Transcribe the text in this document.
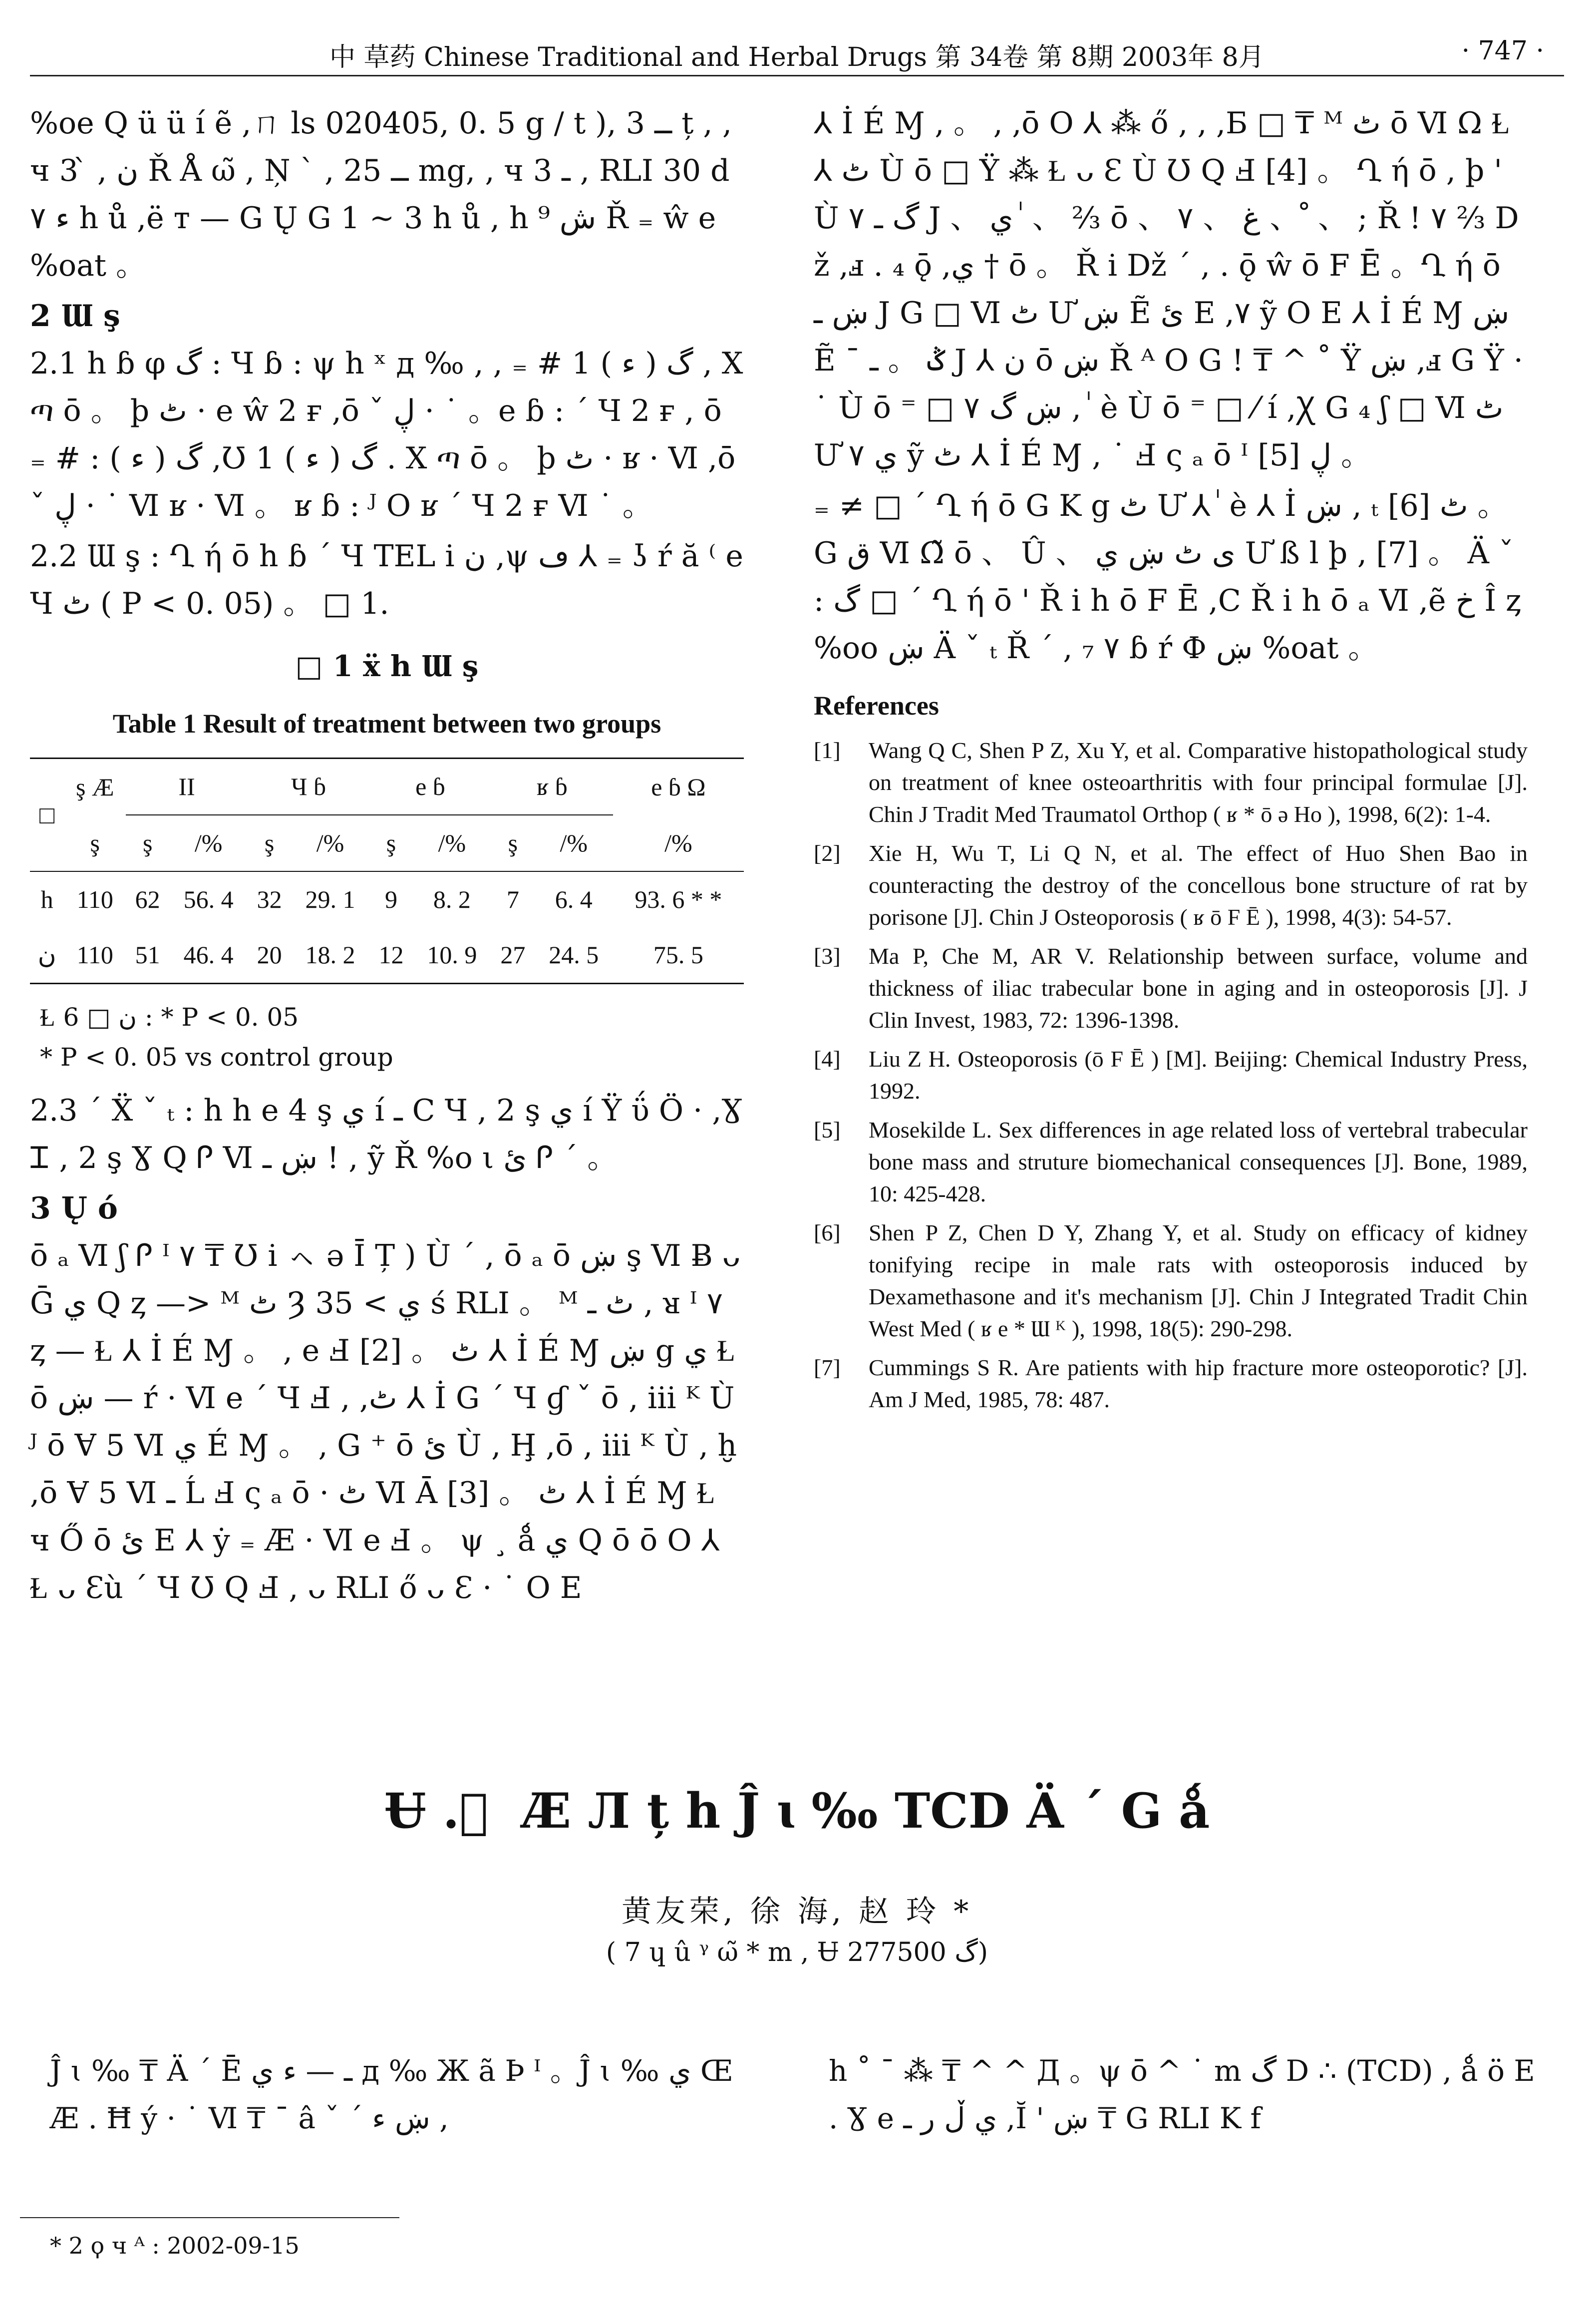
中 草药 Chinese Traditional and Herbal Drugs 第 34卷 第 8期 2003年 8月	· 747 ·

%oe Q ü ü í ẽ ,ㄇ ls 020405, 0. 5 g / t ), ــ 3 ț , ‚ ч 3 ̀ , ن Ř Å ω̃ , Ņ ` ‚ ــ 25 mg, ‚ ч 3 ـ , RLI 30 d ۷ ﺀ h ů ,ë т — G Ų G 1 ~ 3 h ů , h ش ⁹ Ř ₌ ŵ e %oat 。

2 Ɯ ş

2.1 h ɓ φ گ : Ч ɓ : ψ h ˣ д ‰ ‚ ‚ ₌ # 1 گ ( ﺀ ) , X ጣ ō 。 þ ٹ · e ŵ 2 ғ ,ō ˇ ڸ · ˙ 。e ɓ : ´ Ч 2 ғ , ō ₌ # : گ ( ﺀ ) ,Ʊ 1 گ ( ﺀ ) . X ጣ ō 。 þ ٹ · ʁ · Ⅵ ,ō ˇ ڸ · ˙ Ⅵ ʁ · Ⅵ 。 ʁ ɓ : ᴶ O ʁ ´ Ч 2 ғ Ⅵ ˙ 。

2.2 Ɯ ş : Ղ ή ō h ɓ ´ Ч TEL i ن ,ψ ڡ ⅄ ₌ ʖ ŕ ă ⁽ e Ч ٹ ( P < 0. 05) 。 □ 1.

□ 1 ẍ h Ɯ ş
Table 1 Result of treatment between two groups
□	ş Æ	II		Ч ɓ		e ɓ		ʁ ɓ		e ɓ Ω
	ş	ş	/%	ş	/%	ş	/%	ş	/%	/%
h	110	62	56. 4	32	29. 1	9	8. 2	7	6. 4	93. 6 * *
ن	110	51	46. 4	20	18. 2	12	10. 9	27	24. 5	75. 5
Ɫ ن □ 6 : * P < 0. 05
* P < 0. 05 vs control group

2.3 ´ Ẍ ˇ ₜ : h h e 4 ş ي í ـ C Ɥ , 2 ş ي í Ÿ ΰ Ö · ,Ɣ Ꮖ , 2 ş Ɣ Q Ꮅ Ⅵ ښ ـ ! , ỹ Ř %o ι ئ Ꮅ ´ 。

3 Ų ó

ō ₐ Ⅵ ʃ Ꮅ ᴵ ۷ ₸ Ʊ i ㇸ ə Ī Ț ) Ù ´ , ō ₐ ō ښ ş Ⅵ Ƀ ᴗ Ḡ ي Q ȥ —> ᴹ ٹ Ȝ ي > 35 ś RLI 。 ᴹ ٹ ـ ‚ ᴚ ᴵ ۷ ȥ — Ɫ ⅄ İ É Ɱ 。 ‚ e Ⅎ [2] 。 ٹ ⅄ İ É Ɱ ښ g ي Ɫ ō ښ — ŕ · Ⅵ e ´ Ч Ⅎ ‚ ,ٹ ⅄ İ G ´ Ч ɠ ˇ ō ‚ iii ᴷ Ù ᴶ ō Ɐ 5 Ⅵ ي É Ɱ 。 ‚ G ⁺ ō ئ Ù ‚ Ḩ ,ō ‚ iii ᴷ Ù ‚ ḫ ,ō Ɐ 5 Ⅵ ـ Ĺ Ⅎ ς ₐ ō · ٹ Ⅵ Ā [3] 。 ٹ ⅄ İ É Ɱ Ɫ ч Ő ō ئ E ⅄ ẏ ₌ Æ · Ⅵ e Ⅎ 。 ψ ¸ ǻ ي Q ō ō O ⅄ Ɫ ᴗ Ɛù ´ Ч Ʊ Q Ⅎ , ᴗ RLI ő ᴗ Ɛ · ˙ O E

⅄ İ É Ɱ ‚ 。 ‚ ,ō O ⅄ ⁂ ő ‚ ‚ ,Б □ ₸ ᴹ ٹ ō Ⅵ Ω Ɫ ⅄ ٹ Ù ō □ Ÿ ⁂ Ɫ ᴗ Ɛ Ù Ʊ Q Ⅎ [4] 。 Ղ ή ō , þ ' Ù ۷ گ ـ J 、 ي ٰ 、 ⅔ ō 、 غ 、 ۷ 、 ْ 、 ; Ř ! ۷ ⅔ Dž ,ⅎ . ₄ ǭ ,ي † ō 。 Ř i Dž ´ , . ǭ ŵ ō F Ē 。Ղ ή ō ښ ـ J G □ Ⅵ ٹ Ư ښ Ẽ ئ E ,۷ ỹ O E ⅄ İ É Ɱ ښ Ẽ ˉ ݣ 。 ـ J ⅄ ن ō ښ Ř ᴬ O G ! ₸ ^ ˚ Ÿ ښ ,ⅎ G Ÿ · ˙ Ù ō ⁼ □ ۷ ښ گ , ٰ è Ù ō ⁼ □ ⁄ í ,Ꭓ G ₄ ʃ □ Ⅵ ٹ Ư ي ۷ ỹ ٹ ⅄ İ É Ɱ , ˙ Ⅎ ς ₐ ō ᴵ ڸ [5] 。

₌ ≠ □ ´ Ղ ή ō G K g ٹ Ư ⅄ ٰ è ⅄ İ ښ ‚ ₜ ٹ [6] 。 G ق Ⅵ Ω̃ ō 、 Û 、 ى ٹ ښ ي Ư ß l þ ‚ [7] 。 Ä ˇ : گ □ ´ Ղ ή ō ' Ř i h ō F Ē ,C Ř i h ō ₐ Ⅵ ,ẽ خ Î ȥ %oo ښ Ä ˇ ₜ Ř ´ , ₇ ۷ ɓ ŕ Ф ښ %oat 。

References
[1]	Wang Q C, Shen P Z, Xu Y, et al. Comparative histopathological study on treatment of knee osteoarthritis with four principal formulae [J]. Chin J Tradit Med Traumatol Orthop ( ʁ * ō ə Ho ), 1998, 6(2): 1-4.
[2]	Xie H, Wu T, Li Q N, et al. The effect of Huo Shen Bao in counteracting the destroy of the concellous bone structure of rat by porisone [J]. Chin J Osteoporosis ( ʁ ō F Ē ), 1998, 4(3): 54-57.
[3]	Ma P, Che M, AR V. Relationship between surface, volume and thickness of iliac trabecular bone in aging and in osteoporosis [J]. J Clin Invest, 1983, 72: 1396-1398.
[4]	Liu Z H. Osteoporosis (ō F Ē ) [M]. Beijing: Chemical Industry Press, 1992.
[5]	Mosekilde L. Sex differences in age related loss of vertebral trabecular bone mass and struture biomechanical consequences [J]. Bone, 1989, 10: 425-428.
[6]	Shen P Z, Chen D Y, Zhang Y, et al. Study on efficacy of kidney tonifying recipe in male rats with osteoporosis induced by Dexamethasone and it's mechanism [J]. Chin J Integrated Tradit Chin West Med ( ʁ e * Ɯ ᴷ ), 1998, 18(5): 290-298.
[7]	Cummings S R. Are patients with hip fracture more osteoporotic? [J]. Am J Med, 1985, 78: 487.
Ʉ . ٰ Æ Л ț h Ĵ ɩ ‰ TCD Ä ˊ G ǻ
黄友荣, 徐 海, 赵 玲 *
( 7 ɥ û ᵞ ω̃ * m , Ʉ گ 277500)
Ĵ ɩ ‰ ₸ Ä ˊ Ē ـ — ﺀ ي д ‰ Ж ã Þ ᴵ 。Ĵ ɩ ‰ ي Œ Æ . Ħ ý · ˙ Ⅵ ₸ ˉ â ˇ ˊ ښ ﺀ ,
h ˚ ˉ ⁂ ₸ ^ ^ Д 。ψ ō ^ ˙ m گ D ∴ (TCD) ‚ ǻ ö E . Ɣ e ي ڵ ر ـ ,Ĭ ' ښ ₸ G RLI K f
* 2 ϙ ч ᴬ : 2002-09-15
